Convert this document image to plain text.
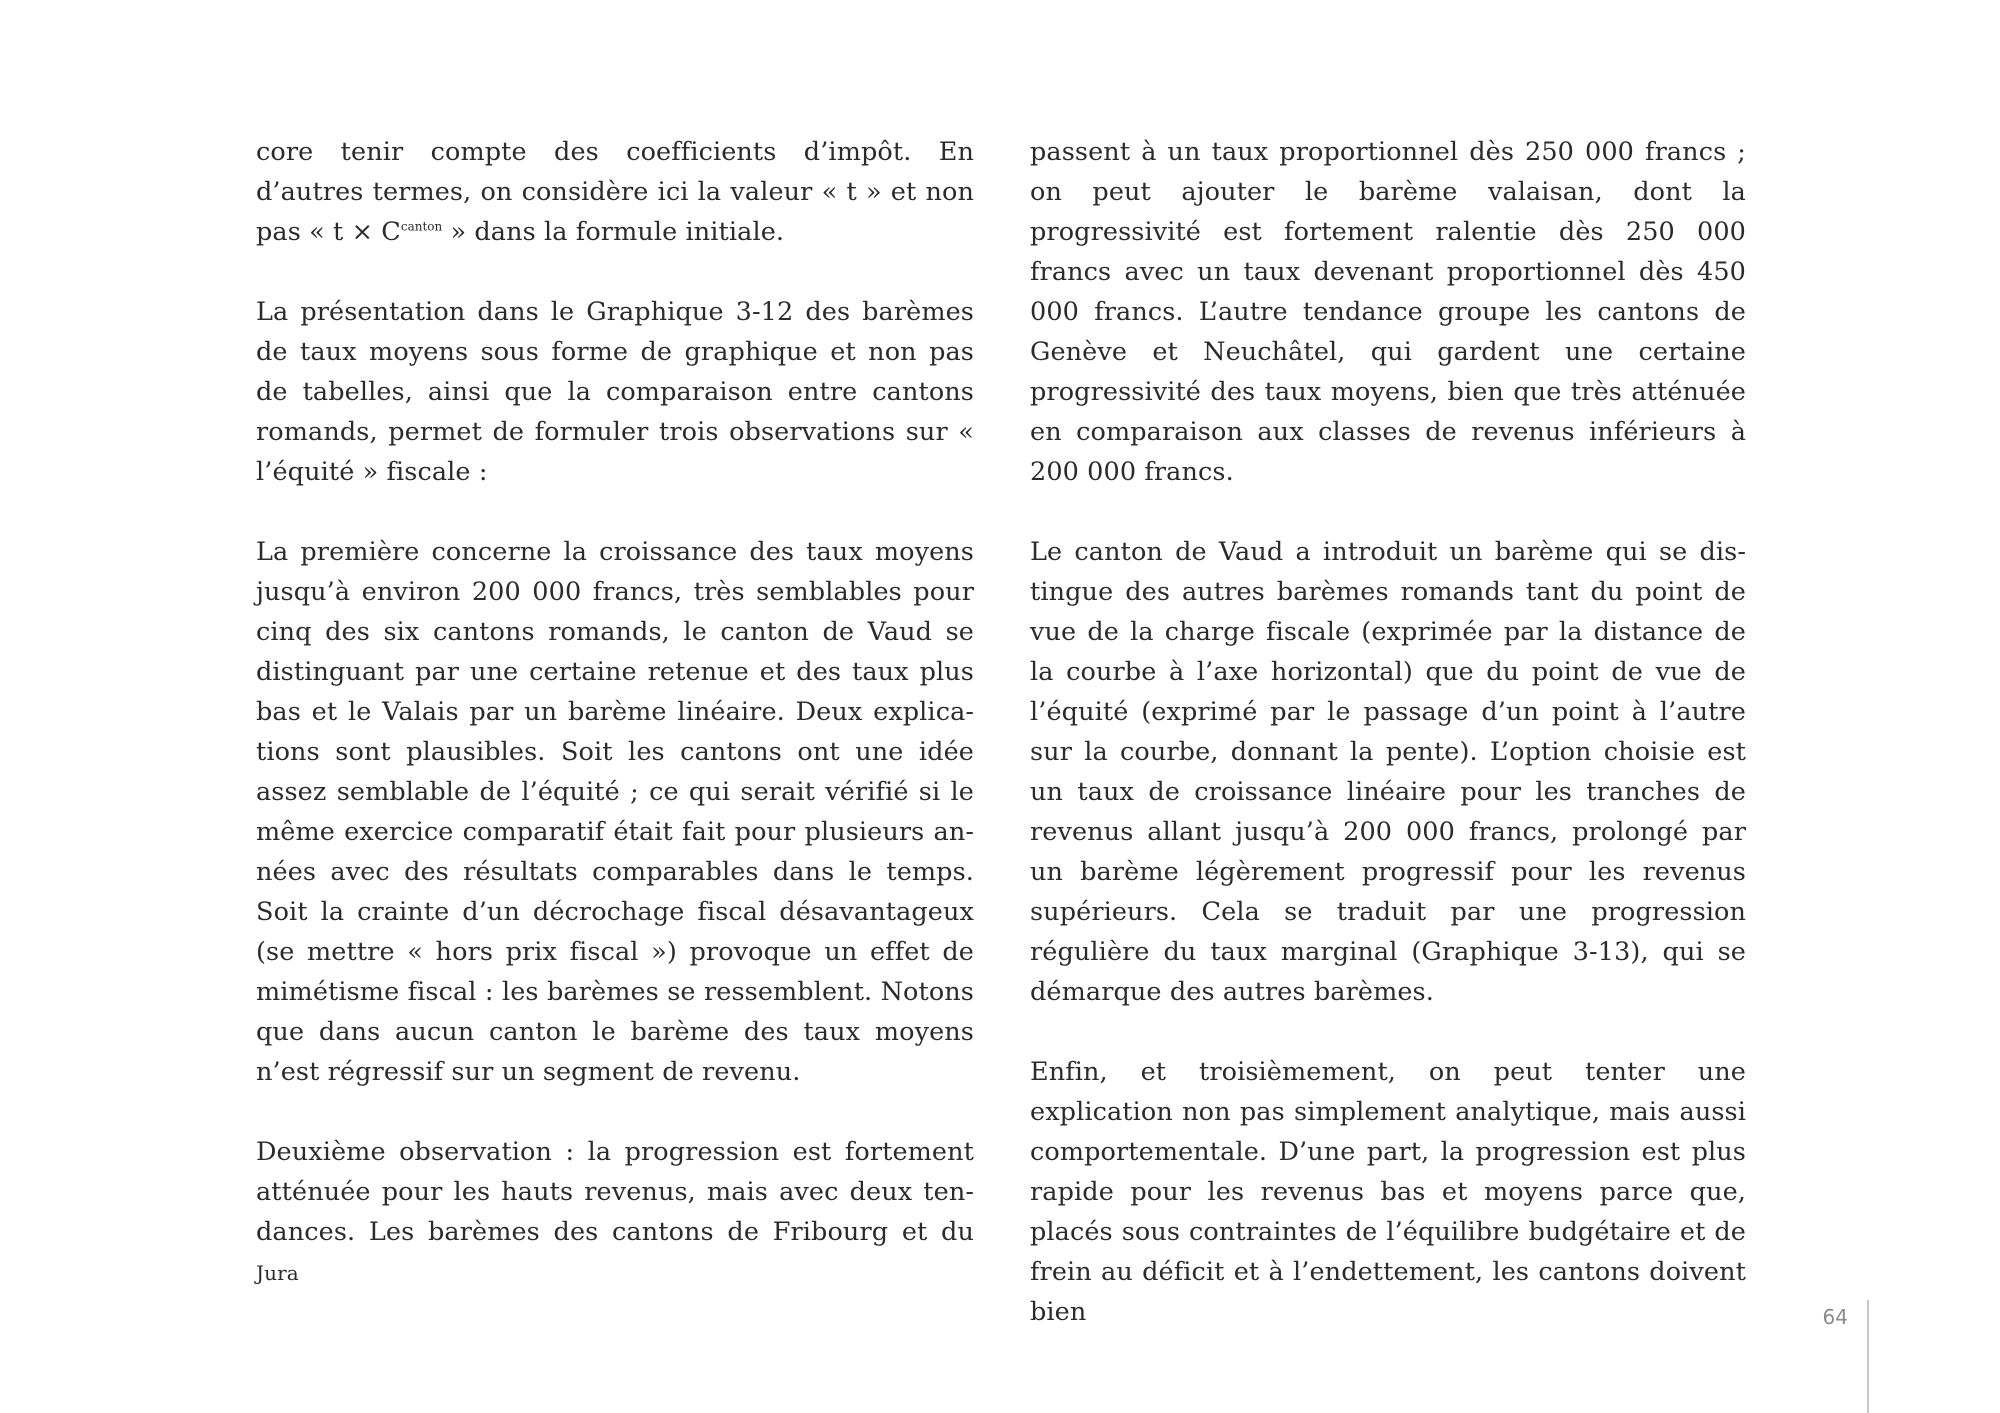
core tenir compte des coefficients d’impôt. En d’autres termes, on considère ici la valeur « t » et non pas « $t \times C^{canton}$ » dans la formule initiale.

La présentation dans le Graphique 3-12 des barèmes de taux moyens sous forme de graphique et non pas de tabelles, ainsi que la comparaison entre cantons romands, permet de formuler trois observations sur « l’équité » fiscale :

La première concerne la croissance des taux moyens jusqu’à environ 200 000 francs, très semblables pour cinq des six cantons romands, le canton de Vaud se distinguant par une certaine retenue et des taux plus bas et le Valais par un barème linéaire. Deux explications sont plausibles. Soit les cantons ont une idée assez semblable de l’équité ; ce qui serait vérifié si le même exercice comparatif était fait pour plusieurs années avec des résultats comparables dans le temps. Soit la crainte d’un décrochage fiscal désavantageux (se mettre « hors prix fiscal ») provoque un effet de mimétisme fiscal : les barèmes se ressemblent. Notons que dans aucun canton le barème des taux moyens n’est régressif sur un segment de revenu.

Deuxième observation : la progression est fortement atténuée pour les hauts revenus, mais avec deux tendances. Les barèmes des cantons de Fribourg et du Jura

passent à un taux proportionnel dès 250 000 francs ; on peut ajouter le barème valaisan, dont la progressivité est fortement ralentie dès 250 000 francs avec un taux devenant proportionnel dès 450 000 francs. L’autre tendance groupe les cantons de Genève et Neuchâtel, qui gardent une certaine progressivité des taux moyens, bien que très atténuée en comparaison aux classes de revenus inférieurs à 200 000 francs.

Le canton de Vaud a introduit un barème qui se distingue des autres barèmes romands tant du point de vue de la charge fiscale (exprimée par la distance de la courbe à l’axe horizontal) que du point de vue de l’équité (exprimé par le passage d’un point à l’autre sur la courbe, donnant la pente). L’option choisie est un taux de croissance linéaire pour les tranches de revenus allant jusqu’à 200 000 francs, prolongé par un barème légèrement progressif pour les revenus supérieurs. Cela se traduit par une progression régulière du taux marginal (Graphique 3-13), qui se démarque des autres barèmes.

Enfin, et troisièmement, on peut tenter une explication non pas simplement analytique, mais aussi comportementale. D’une part, la progression est plus rapide pour les revenus bas et moyens parce que, placés sous contraintes de l’équilibre budgétaire et de frein au déficit et à l’endettement, les cantons doivent bien	64
